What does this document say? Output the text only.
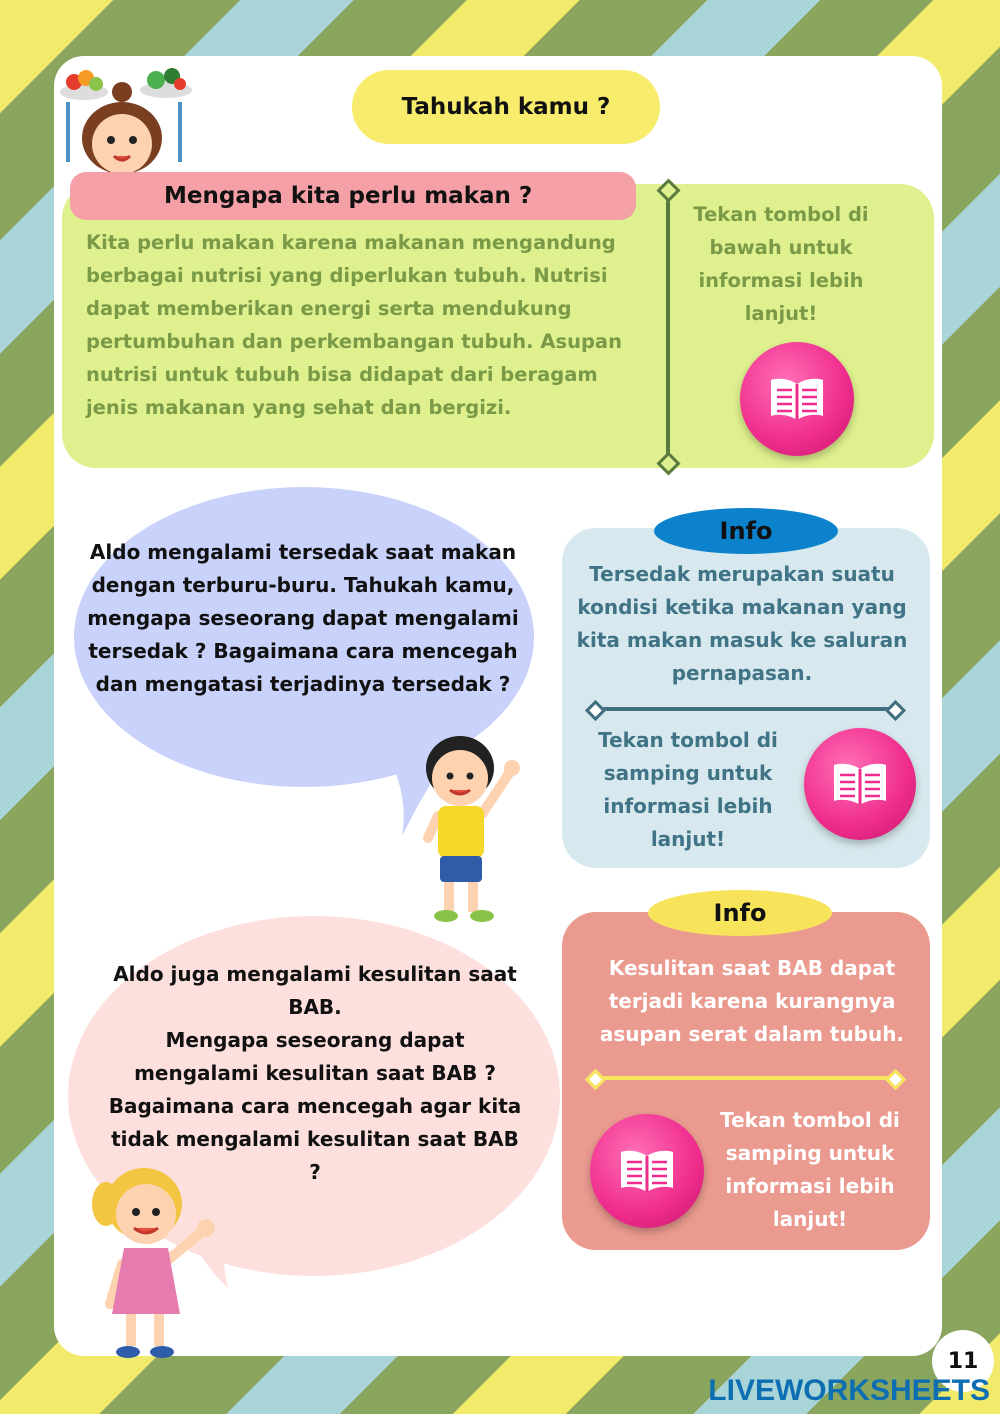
Tahukah kamu ?
Mengapa kita perlu makan ?
Kita perlu makan karena makanan mengandung berbagai nutrisi yang diperlukan tubuh. Nutrisi dapat memberikan energi serta mendukung pertumbuhan dan perkembangan tubuh. Asupan nutrisi untuk tubuh bisa didapat dari beragam jenis makanan yang sehat dan bergizi.
Tekan tombol di bawah untuk informasi lebih lanjut!
Aldo mengalami tersedak saat makan dengan terburu-buru. Tahukah kamu, mengapa seseorang dapat mengalami tersedak ? Bagaimana cara mencegah dan mengatasi terjadinya tersedak ?
Info
Tersedak merupakan suatu kondisi ketika makanan yang kita makan masuk ke saluran pernapasan.
Tekan tombol di samping untuk informasi lebih lanjut!
Aldo juga mengalami kesulitan saat BAB.
Mengapa seseorang dapat mengalami kesulitan saat BAB ? Bagaimana cara mencegah agar kita tidak mengalami kesulitan saat BAB ?
Info
Kesulitan saat BAB dapat terjadi karena kurangnya asupan serat dalam tubuh.
Tekan tombol di samping untuk informasi lebih lanjut!
11
LIVEWORKSHEETS
